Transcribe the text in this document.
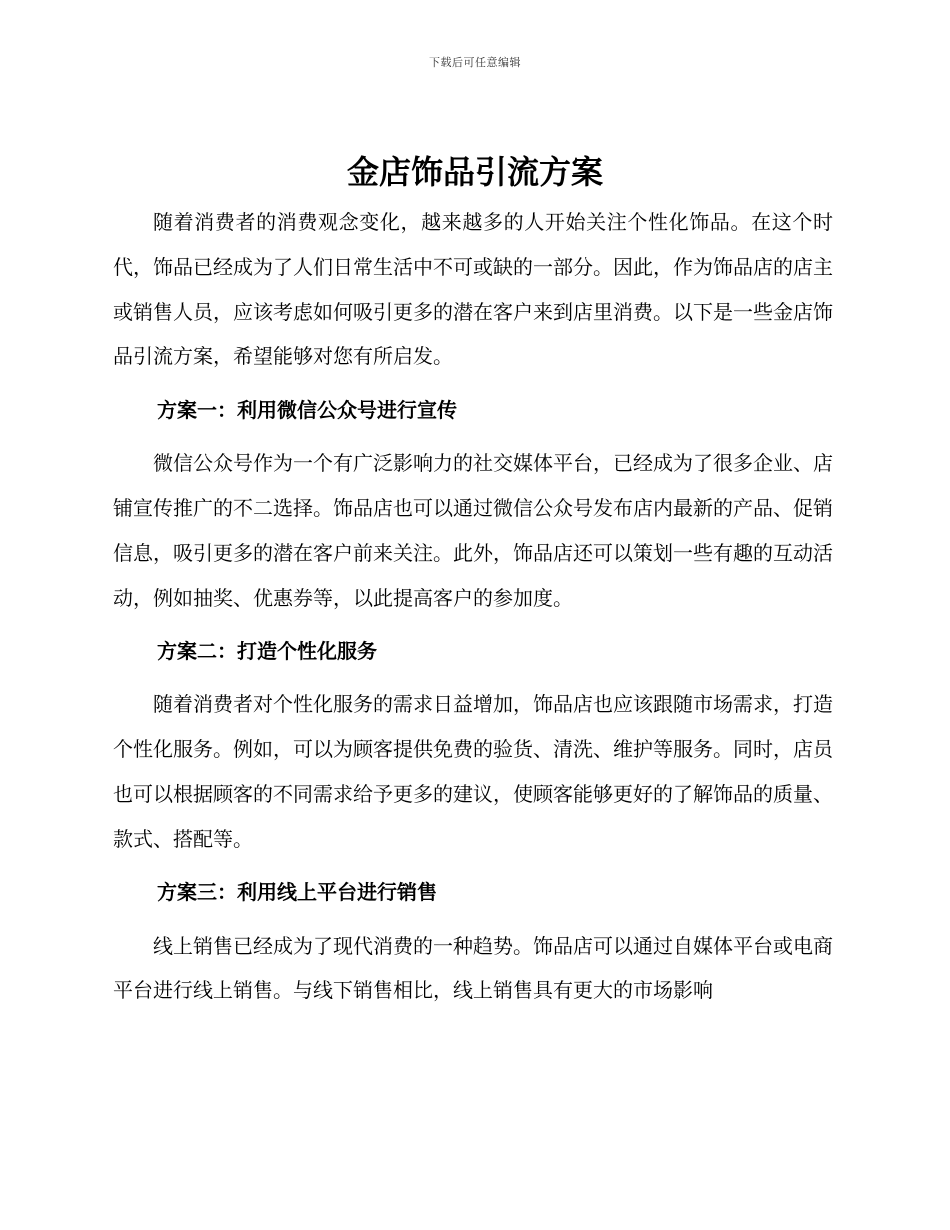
下载后可任意编辑
金店饰品引流方案

随着消费者的消费观念变化，越来越多的人开始关注个性化饰品。在这个时代，饰品已经成为了人们日常生活中不可或缺的一部分。因此，作为饰品店的店主或销售人员，应该考虑如何吸引更多的潜在客户来到店里消费。以下是一些金店饰品引流方案，希望能够对您有所启发。

方案一：利用微信公众号进行宣传

微信公众号作为一个有广泛影响力的社交媒体平台，已经成为了很多企业、店铺宣传推广的不二选择。饰品店也可以通过微信公众号发布店内最新的产品、促销信息，吸引更多的潜在客户前来关注。此外，饰品店还可以策划一些有趣的互动活动，例如抽奖、优惠券等，以此提高客户的参加度。

方案二：打造个性化服务

随着消费者对个性化服务的需求日益增加，饰品店也应该跟随市场需求，打造个性化服务。例如，可以为顾客提供免费的验货、清洗、维护等服务。同时，店员也可以根据顾客的不同需求给予更多的建议，使顾客能够更好的了解饰品的质量、款式、搭配等。

方案三：利用线上平台进行销售

线上销售已经成为了现代消费的一种趋势。饰品店可以通过自媒体平台或电商平台进行线上销售。与线下销售相比，线上销售具有更大的市场影响
